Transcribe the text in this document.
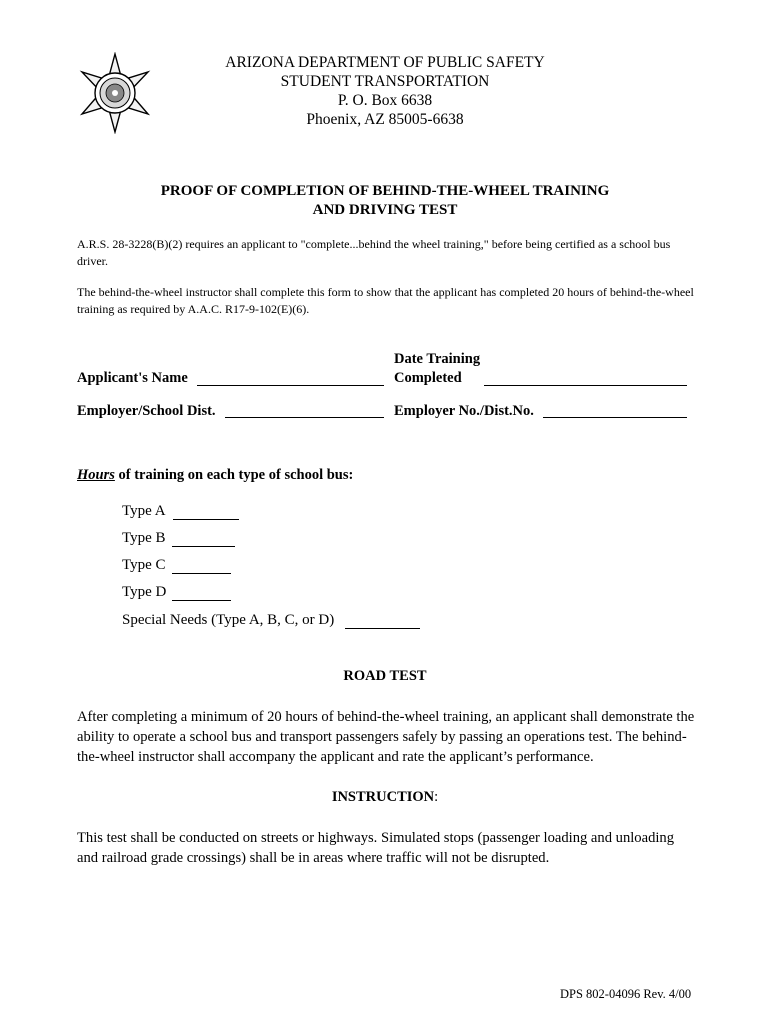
ARIZONA DEPARTMENT OF PUBLIC SAFETY
STUDENT TRANSPORTATION
P. O. Box 6638
Phoenix, AZ 85005-6638
PROOF OF COMPLETION OF BEHIND-THE-WHEEL TRAINING
AND DRIVING TEST
A.R.S. 28-3228(B)(2) requires an applicant to "complete...behind the wheel training," before being certified as a school bus driver.
The behind-the-wheel instructor shall complete this form to show that the applicant has completed 20 hours of behind-the-wheel training as required by A.A.C. R17-9-102(E)(6).
Applicant's Name
Date Training
Completed
Employer/School Dist.	Employer No./Dist.No.
Hours of training on each type of school bus:
Type A
Type B
Type C
Type D
Special Needs (Type A, B, C, or D)
ROAD TEST
After completing a minimum of 20 hours of behind-the-wheel training, an applicant shall demonstrate the ability to operate a school bus and transport passengers safely by passing an operations test. The behind-the-wheel instructor shall accompany the applicant and rate the applicant’s performance.
INSTRUCTION:
This test shall be conducted on streets or highways. Simulated stops (passenger loading and unloading and railroad grade crossings) shall be in areas where traffic will not be disrupted.
DPS 802-04096 Rev. 4/00
